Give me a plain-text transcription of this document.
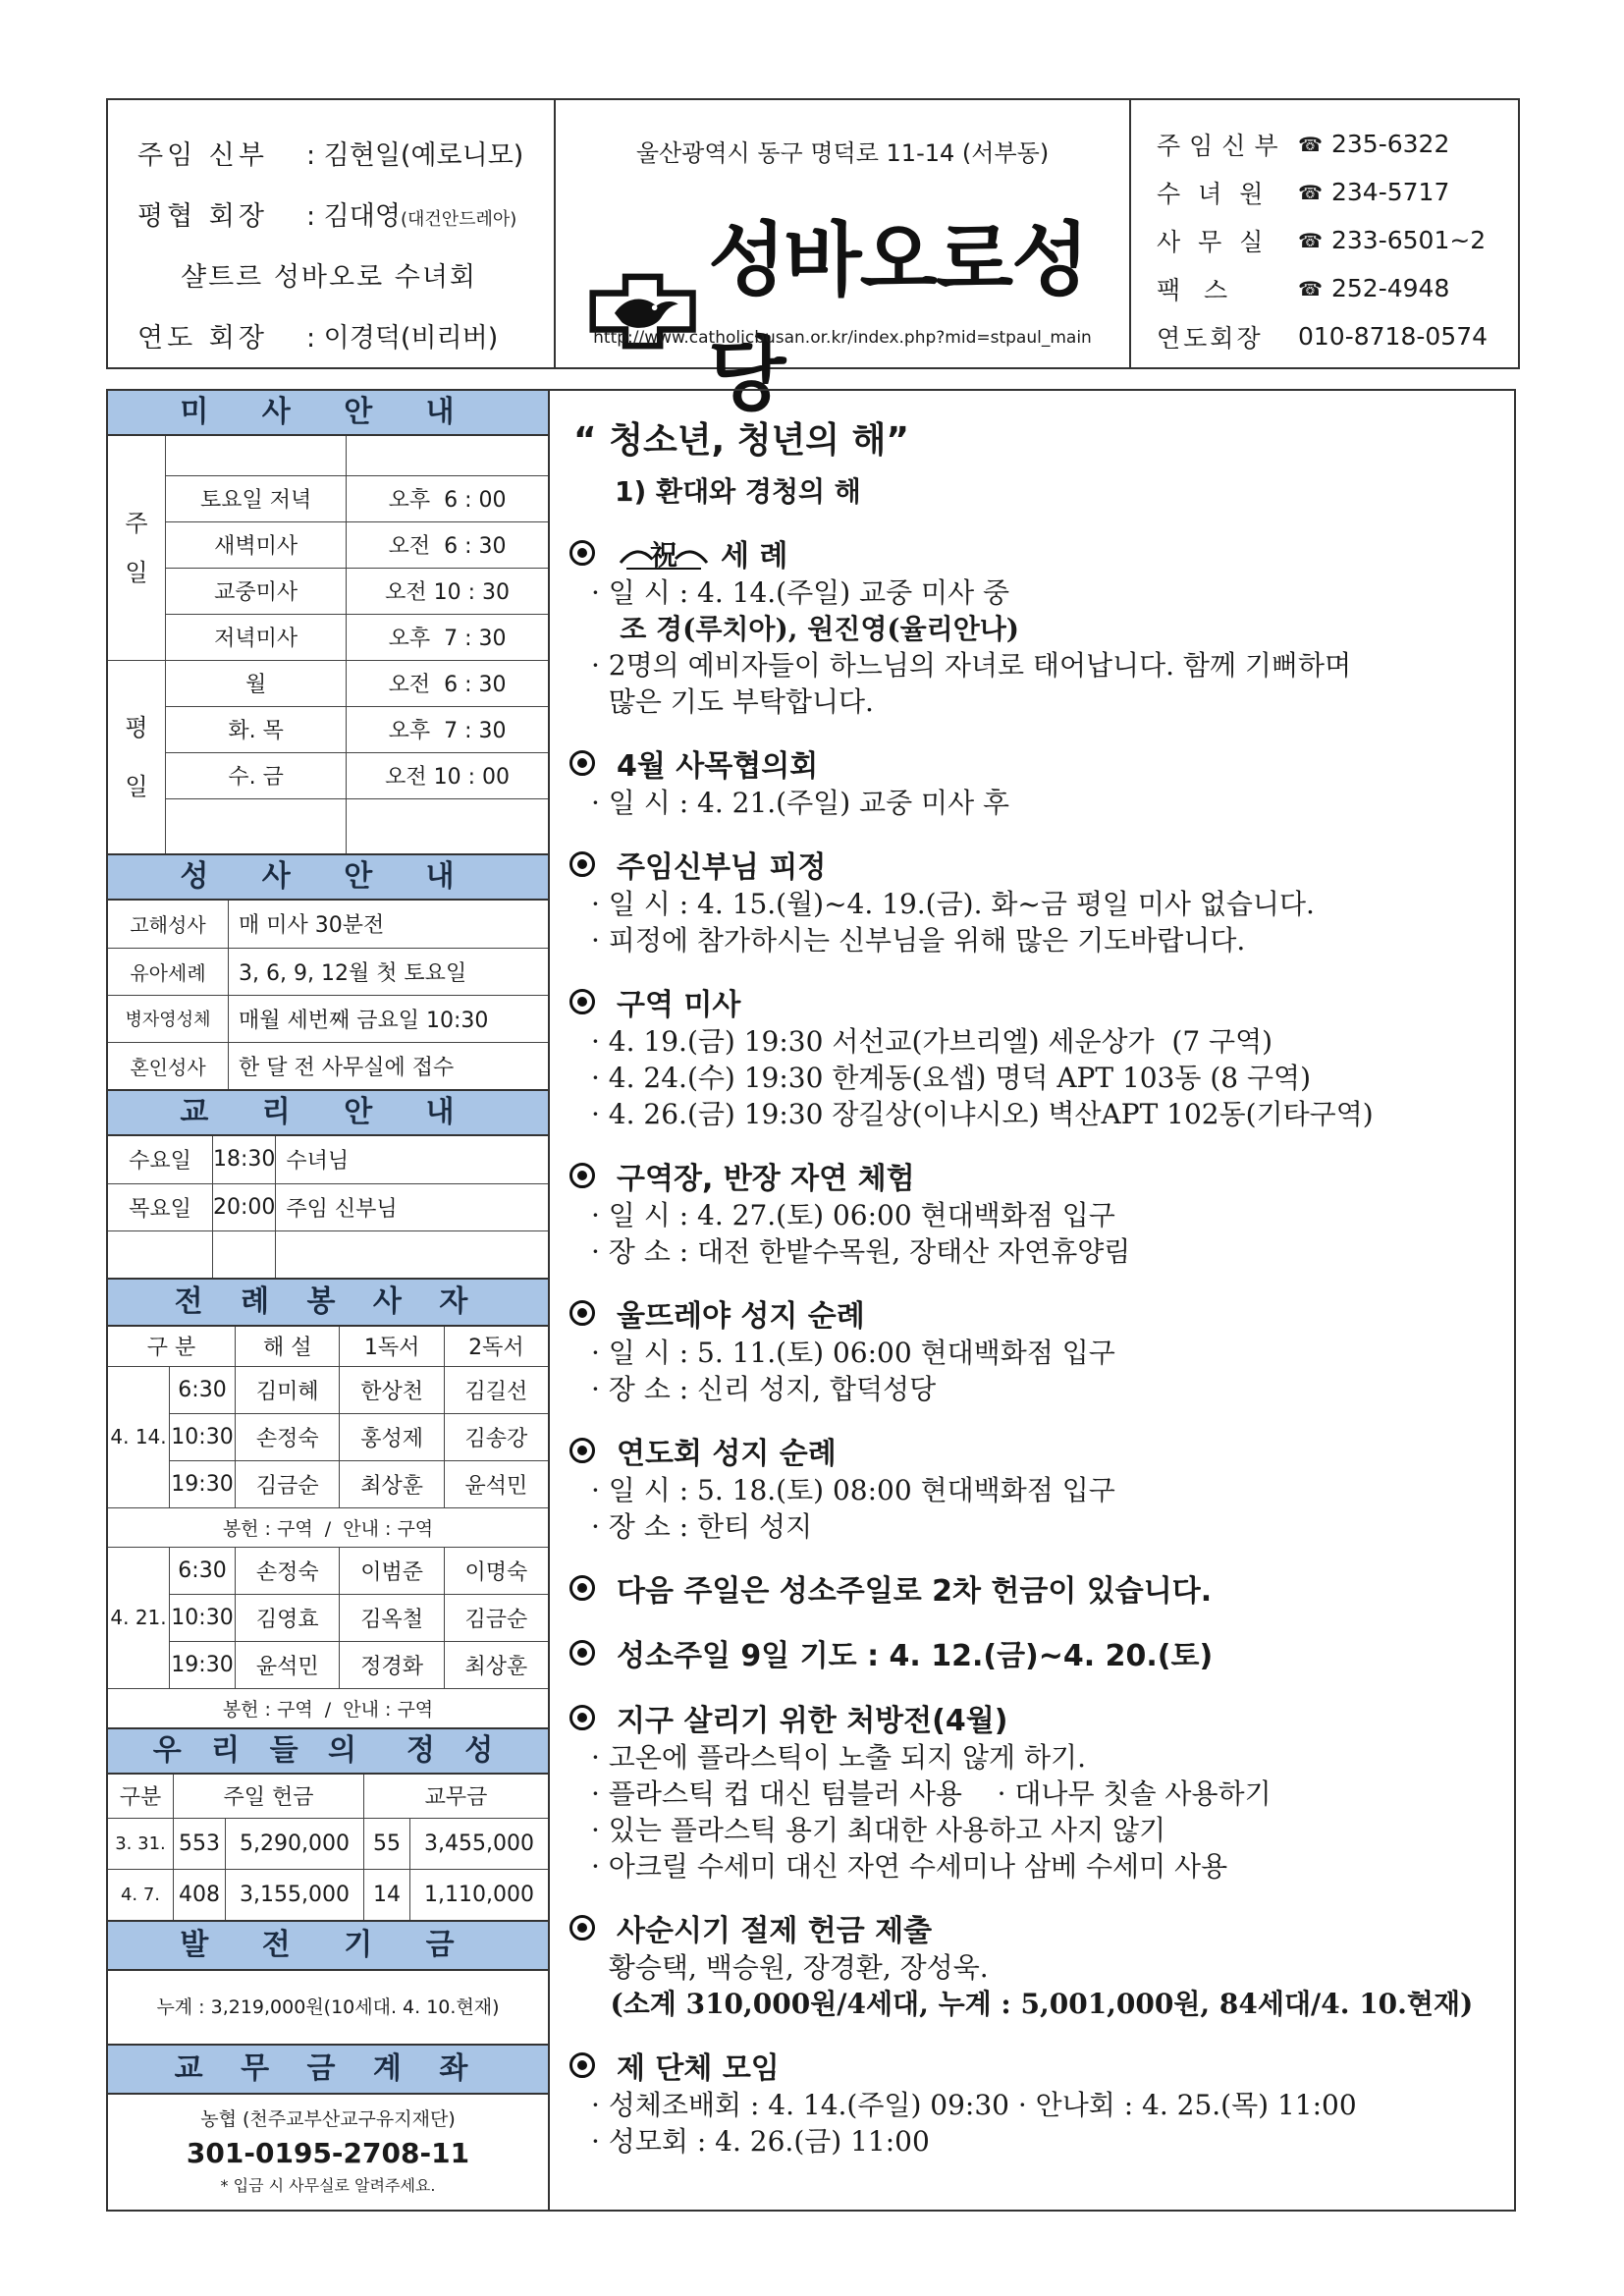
주임 신부	: 김현일(예로니모)
평협 회장	: 김대영(대건안드레아)
샬트르 성바오로 수녀회
연도 회장	: 이경덕(비리버)
울산광역시 동구 명덕로 11-14 (서부동)
성바오로성당
http://www.catholicbusan.or.kr/index.php?mid=stpaul_main
주임신부 ☎ 235-6322
수 녀 원	☎ 234-5717
사 무 실	☎ 233-6501~2
팩   스	☎ 252-4948
연도회장	010-8718-0574
미 사 안 내
주
일		
	토요일 저녁	오후  6 : 00
	새벽미사	오전  6 : 30
	교중미사	오전 10 : 30
	저녁미사	오후  7 : 30
평
일	월	오전  6 : 30
	화. 목	오후  7 : 30
	수. 금	오전 10 : 00

성 사 안 내
고해성사	매 미사 30분전
유아세례	3, 6, 9, 12월 첫 토요일
병자영성체	매월 세번째 금요일 10:30
혼인성사	한 달 전 사무실에 접수
교 리 안 내
수요일	18:30	수녀님
목요일	20:00	주임 신부님

전 례 봉 사 자
구 분		해 설	1독서	2독서
4. 14.	6:30	김미혜	한상천	김길선
	10:30	손정숙	홍성제	김송강
	19:30	김금순	최상훈	윤석민
봉헌 : 구역  /  안내 : 구역				
4. 21.	6:30	손정숙	이범준	이명숙
	10:30	김영효	김옥철	김금순
	19:30	윤석민	정경화	최상훈
봉헌 : 구역  /  안내 : 구역				
우 리 들 의  정 성
구분	주일 헌금		교무금	
3. 31.	553	5,290,000	55	3,455,000
4. 7.	408	3,155,000	14	1,110,000
발 전 기 금
누계 : 3,219,000원(10세대. 4. 10.현재)
교 무 금 계 좌
농협 (천주교부산교구유지재단)
301-0195-2708-11
* 입금 시 사무실로 알려주세요.
“ 청소년, 청년의 해”
1) 환대와 경청의 해
祝 세 례
· 일 시 : 4. 14.(주일) 교중 미사 중
조 경(루치아), 원진영(율리안나)
· 2명의 예비자들이 하느님의 자녀로 태어납니다. 함께 기뻐하며
많은 기도 부탁합니다.
4월 사목협의회
· 일 시 : 4. 21.(주일) 교중 미사 후
주임신부님 피정
· 일 시 : 4. 15.(월)~4. 19.(금). 화~금 평일 미사 없습니다.
· 피정에 참가하시는 신부님을 위해 많은 기도바랍니다.
구역 미사
· 4. 19.(금) 19:30 서선교(가브리엘) 세운상가  (7 구역)
· 4. 24.(수) 19:30 한계동(요셉) 명덕 APT 103동 (8 구역)
· 4. 26.(금) 19:30 장길상(이냐시오) 벽산APT 102동(기타구역)
구역장, 반장 자연 체험
· 일 시 : 4. 27.(토) 06:00 현대백화점 입구
· 장 소 : 대전 한밭수목원, 장태산 자연휴양림
울뜨레야 성지 순례
· 일 시 : 5. 11.(토) 06:00 현대백화점 입구
· 장 소 : 신리 성지, 합덕성당
연도회 성지 순례
· 일 시 : 5. 18.(토) 08:00 현대백화점 입구
· 장 소 : 한티 성지
다음 주일은 성소주일로 2차 헌금이 있습니다.
성소주일 9일 기도 : 4. 12.(금)~4. 20.(토)
지구 살리기 위한 처방전(4월)
· 고온에 플라스틱이 노출 되지 않게 하기.
· 플라스틱 컵 대신 텀블러 사용    · 대나무 칫솔 사용하기
· 있는 플라스틱 용기 최대한 사용하고 사지 않기
· 아크릴 수세미 대신 자연 수세미나 삼베 수세미 사용
사순시기 절제 헌금 제출
황승택, 백승원, 장경환, 장성욱.
(소계 310,000원/4세대, 누계 : 5,001,000원, 84세대/4. 10.현재)
제 단체 모임
· 성체조배회 : 4. 14.(주일) 09:30 · 안나회 : 4. 25.(목) 11:00
· 성모회 : 4. 26.(금) 11:00
